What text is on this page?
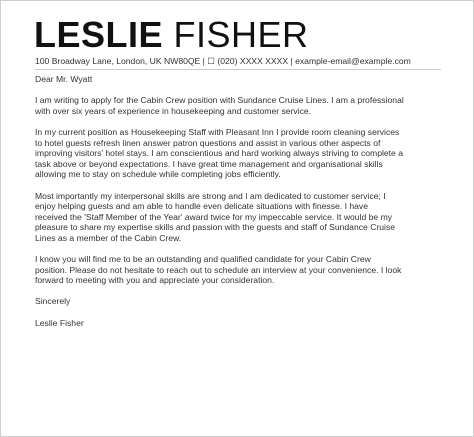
LESLIE FISHER
100 Broadway Lane, London, UK NW80QE | ☐ (020) XXXX XXXX | example-email@example.com

Dear Mr. Wyatt

I am writing to apply for the Cabin Crew position with Sundance Cruise Lines. I am a professional
with over six years of experience in housekeeping and customer service.

In my current position as Housekeeping Staff with Pleasant Inn I provide room cleaning services
to hotel guests refresh linen answer patron questions and assist in various other aspects of
improving visitors' hotel stays. I am conscientious and hard working always striving to complete a
task above or beyond expectations. I have great time management and organisational skills
allowing me to stay on schedule while completing jobs efficiently.

Most importantly my interpersonal skills are strong and I am dedicated to customer service; I
enjoy helping guests and am able to handle even delicate situations with finesse. I have
received the 'Staff Member of the Year' award twice for my impeccable service. It would be my
pleasure to share my expertise skills and passion with the guests and staff of Sundance Cruise
Lines as a member of the Cabin Crew.

I know you will find me to be an outstanding and qualified candidate for your Cabin Crew
position. Please do not hesitate to reach out to schedule an interview at your convenience. I look
forward to meeting with you and appreciate your consideration.

Sincerely

Leslie Fisher
